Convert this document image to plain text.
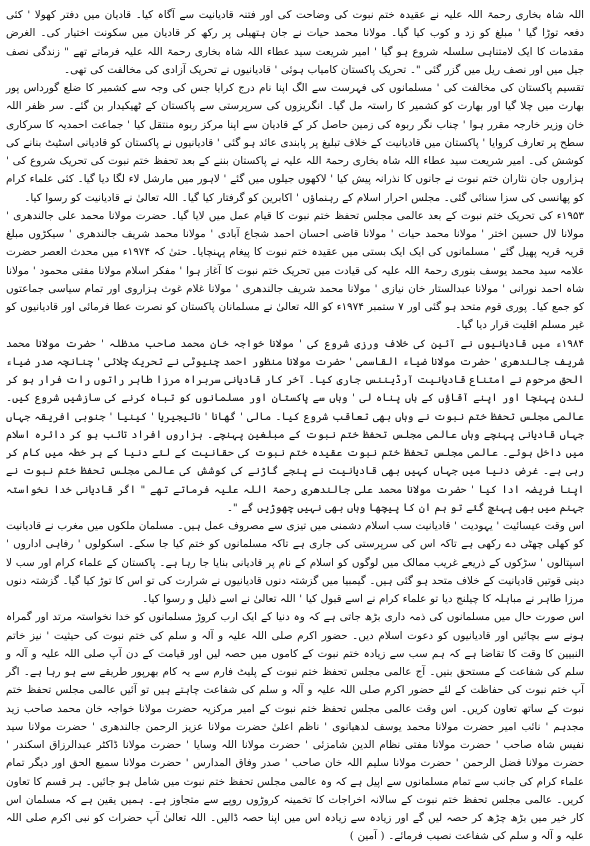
اللہ شاہ بخاری رحمۃ اللہ علیہ نے عقیدہ ختم نبوت کی وضاحت کی اور فتنہ قادیانیت سے آگاہ کیا۔ قادیان میں دفتر کھولا ' کئی دفعہ توڑا گیا ' مبلغ کو زد و کوب کیا گیا۔ مولانا محمد حیات نے جان ہتھیلی پر رکھ کر قادیان میں سکونت اختیار کی۔ الغرض مقدمات کا ایک لامتناہی سلسلہ شروع ہو گیا ' امیر شریعت سید عطاء اللہ شاہ بخاری رحمۃ اللہ علیہ فرماتے تھے " زندگی نصف جیل میں اور نصف ریل میں گزر گئی "۔ تحریک پاکستان کامیاب ہوئی ' قادیانیوں نے تحریک آزادی کی مخالفت کی تھی۔

تقسیم پاکستان کی مخالفت کی ' مسلمانوں کی فہرست سے الگ اپنا نام درج کرایا جس کی وجہ سے کشمیر کا ضلع گورداس پور بھارت میں چلا گیا اور بھارت کو کشمیر کا راستہ مل گیا۔ انگریزوں کی سرپرستی سے پاکستان کے ٹھیکیدار بن گئے۔ سر ظفر اللہ خان وزیر خارجہ مقرر ہوا ' چناب نگر ربوہ کی زمین حاصل کر کے قادیان سے اپنا مرکز ربوہ منتقل کیا ' جماعت احمدیہ کا سرکاری سطح پر تعارف کروایا ' پاکستان میں قادیانیت کے خلاف تبلیغ پر پابندی عائد ہو گئی ' قادیانیوں نے پاکستان کو قادیانی اسٹیٹ بنانے کی کوشش کی۔ امیر شریعت سید عطاء اللہ شاہ بخاری رحمۃ اللہ علیہ نے پاکستان بننے کے بعد تحفظ ختم نبوت کی تحریک شروع کی ' ہزاروں جان نثاران ختم نبوت نے جانوں کا نذرانہ پیش کیا ' لاکھوں جیلوں میں گئے ' لاہور میں مارشل لاء لگا دیا گیا۔ کئی علماء کرام کو پھانسی کی سزا سنائی گئی۔ مجلس احرار اسلام کے رہنماؤں ' اکابرین کو گرفتار کیا گیا۔ اللہ تعالیٰ نے قادیانیت کو رسوا کیا۔

۱۹۵۳ء کی تحریک ختم نبوت کے بعد عالمی مجلس تحفظ ختم نبوت کا قیام عمل میں لایا گیا۔ حضرت مولانا محمد علی جالندھری ' مولانا لال حسین اختر ' مولانا محمد حیات ' مولانا قاضی احسان احمد شجاع آبادی ' مولانا محمد شریف جالندھری ' سیکڑوں مبلغ قریہ قریہ پھیل گئے ' مسلمانوں کی ایک ایک بستی میں عقیدہ ختم نبوت کا پیغام پہنچایا۔ حتیٰ کہ ۱۹۷۴ء میں محدث العصر حضرت علامہ سید محمد یوسف بنوری رحمۃ اللہ علیہ کی قیادت میں تحریک ختم نبوت کا آغاز ہوا ' مفکر اسلام مولانا مفتی محمود ' مولانا شاہ احمد نورانی ' مولانا عبدالستار خان نیازی ' مولانا محمد شریف جالندھری ' مولانا غلام غوث ہزاروی اور تمام سیاسی جماعتوں کو جمع کیا۔ پوری قوم متحد ہو گئی اور ۷ ستمبر ۱۹۷۴ء کو اللہ تعالیٰ نے مسلمانان پاکستان کو نصرت عطا فرمائی اور قادیانیوں کو غیر مسلم اقلیت قرار دیا گیا۔

۱۹۸۴ء میں قادیانیوں نے آئین کی خلاف ورزی شروع کی ' مولانا خواجہ خان محمد صاحب مدظلہ ' حضرت مولانا محمد شریف جالندھری ' حضرت مولانا ضیاء القاسمی ' حضرت مولانا منظور احمد چنیوٹی نے تحریک چلائی ' چنانچہ صدر ضیاء الحق مرحوم نے امتناع قادیانیت آرڈیننس جاری کیا۔ آخر کار قادیانی سربراہ مرزا طاہر راتوں رات فرار ہو کر لندن پہنچا اور اپنے آقاؤں کے ہاں پناہ لی ' وہاں سے پاکستان اور مسلمانوں کو تباہ کرنے کی سازشیں شروع کیں۔ عالمی مجلس تحفظ ختم نبوت نے وہاں بھی تعاقب شروع کیا۔ مالی ' گھانا ' نائیجیریا ' کینیا ' جنوبی افریقہ جہاں جہاں قادیانی پہنچے وہاں عالمی مجلس تحفظ ختم نبوت کے مبلغین پہنچے۔ ہزاروں افراد تائب ہو کر دائرہ اسلام میں داخل ہوئے۔ عالمی مجلس تحفظ ختم نبوت عقیدہ ختم نبوت کی حقانیت کے لئے دنیا کے ہر خطہ میں کام کر رہی ہے۔ غرض دنیا میں جہاں کہیں بھی قادیانیت نے پنجے گاڑنے کی کوشش کی عالمی مجلس تحفظ ختم نبوت نے اپنا فریضہ ادا کیا ' حضرت مولانا محمد علی جالندھری رحمۃ اللہ علیہ فرماتے تھے " اگر قادیانی خدا نخواستہ جہنم میں بھی پہنچ گئے تو ہم ان کا پیچھا وہاں بھی نہیں چھوڑیں گے "۔

اس وقت عیسائیت ' یہودیت ' قادیانیت سب اسلام دشمنی میں تیزی سے مصروف عمل ہیں۔ مسلمان ملکوں میں مغرب نے قادیانیت کو کھلی چھٹی دے رکھی ہے تاکہ اس کی سرپرستی کی جاری ہے تاکہ مسلمانوں کو ختم کیا جا سکے۔ اسکولوں ' رفاہی اداروں ' اسپتالوں ' سڑکوں کے ذریعے غریب ممالک میں لوگوں کو اسلام کے نام پر قادیانی بنایا جا رہا ہے۔ پاکستان کے علماء کرام اور سب لا دینی قوتیں قادیانیت کے خلاف متحد ہو گئی ہیں۔ گیمبیا میں گزشتہ دنوں قادیانیوں نے شرارت کی تو اس کا توڑ کیا گیا۔ گزشتہ دنوں مرزا طاہر نے مباہلہ کا چیلنج دیا تو علماء کرام نے اسے قبول کیا ' اللہ تعالیٰ نے اسے ذلیل و رسوا کیا۔

اس صورت حال میں مسلمانوں کی ذمہ داری بڑھ جاتی ہے کہ وہ دنیا کے ایک ارب کروڑ مسلمانوں کو خدا نخواستہ مرتد اور گمراہ ہونے سے بچائیں اور قادیانیوں کو دعوت اسلام دیں۔ حضور اکرم صلی اللہ علیہ و آلہ و سلم کی ختم نبوت کی حیثیت ' نیز خاتم النبیین کا وقت کا تقاضا ہے کہ ہم سب سے زیادہ ختم نبوت کے کاموں میں حصہ لیں اور قیامت کے دن آپ صلی اللہ علیہ و آلہ و سلم کی شفاعت کے مستحق بنیں۔ آج عالمی مجلس تحفظ ختم نبوت کے پلیٹ فارم سے یہ کام بھرپور طریقے سے ہو رہا ہے۔ اگر آپ ختم نبوت کی حفاظت کے لئے حضور اکرم صلی اللہ علیہ و آلہ و سلم کی شفاعت چاہتے ہیں تو آئیں عالمی مجلس تحفظ ختم نبوت کے ساتھ تعاون کریں۔ اس وقت عالمی مجلس تحفظ ختم نبوت کے امیر مرکزیہ حضرت مولانا خواجہ خان محمد صاحب زید مجدہم ' نائب امیر حضرت مولانا محمد یوسف لدھیانوی ' ناظم اعلیٰ حضرت مولانا عزیز الرحمن جالندھری ' حضرت مولانا سید نفیس شاہ صاحب ' حضرت مولانا مفتی نظام الدین شامزئی ' حضرت مولانا اللہ وسایا ' حضرت مولانا ڈاکٹر عبدالرزاق اسکندر ' حضرت مولانا فضل الرحمن ' حضرت مولانا سلیم اللہ خان صاحب ' صدر وفاق المدارس ' حضرت مولانا سمیع الحق اور دیگر تمام علماء کرام کی جانب سے تمام مسلمانوں سے اپیل ہے کہ وہ عالمی مجلس تحفظ ختم نبوت میں شامل ہو جائیں۔ ہر قسم کا تعاون کریں۔ عالمی مجلس تحفظ ختم نبوت کے سالانہ اخراجات کا تخمینہ کروڑوں روپے سے متجاوز ہے۔ ہمیں یقین ہے کہ مسلمان اس کار خیر میں بڑھ چڑھ کر حصہ لیں گے اور زیادہ سے زیادہ اس میں اپنا حصہ ڈالیں۔ اللہ تعالیٰ آپ حضرات کو نبی اکرم صلی اللہ علیہ و آلہ و سلم کی شفاعت نصیب فرمائے۔ ( آمین )
